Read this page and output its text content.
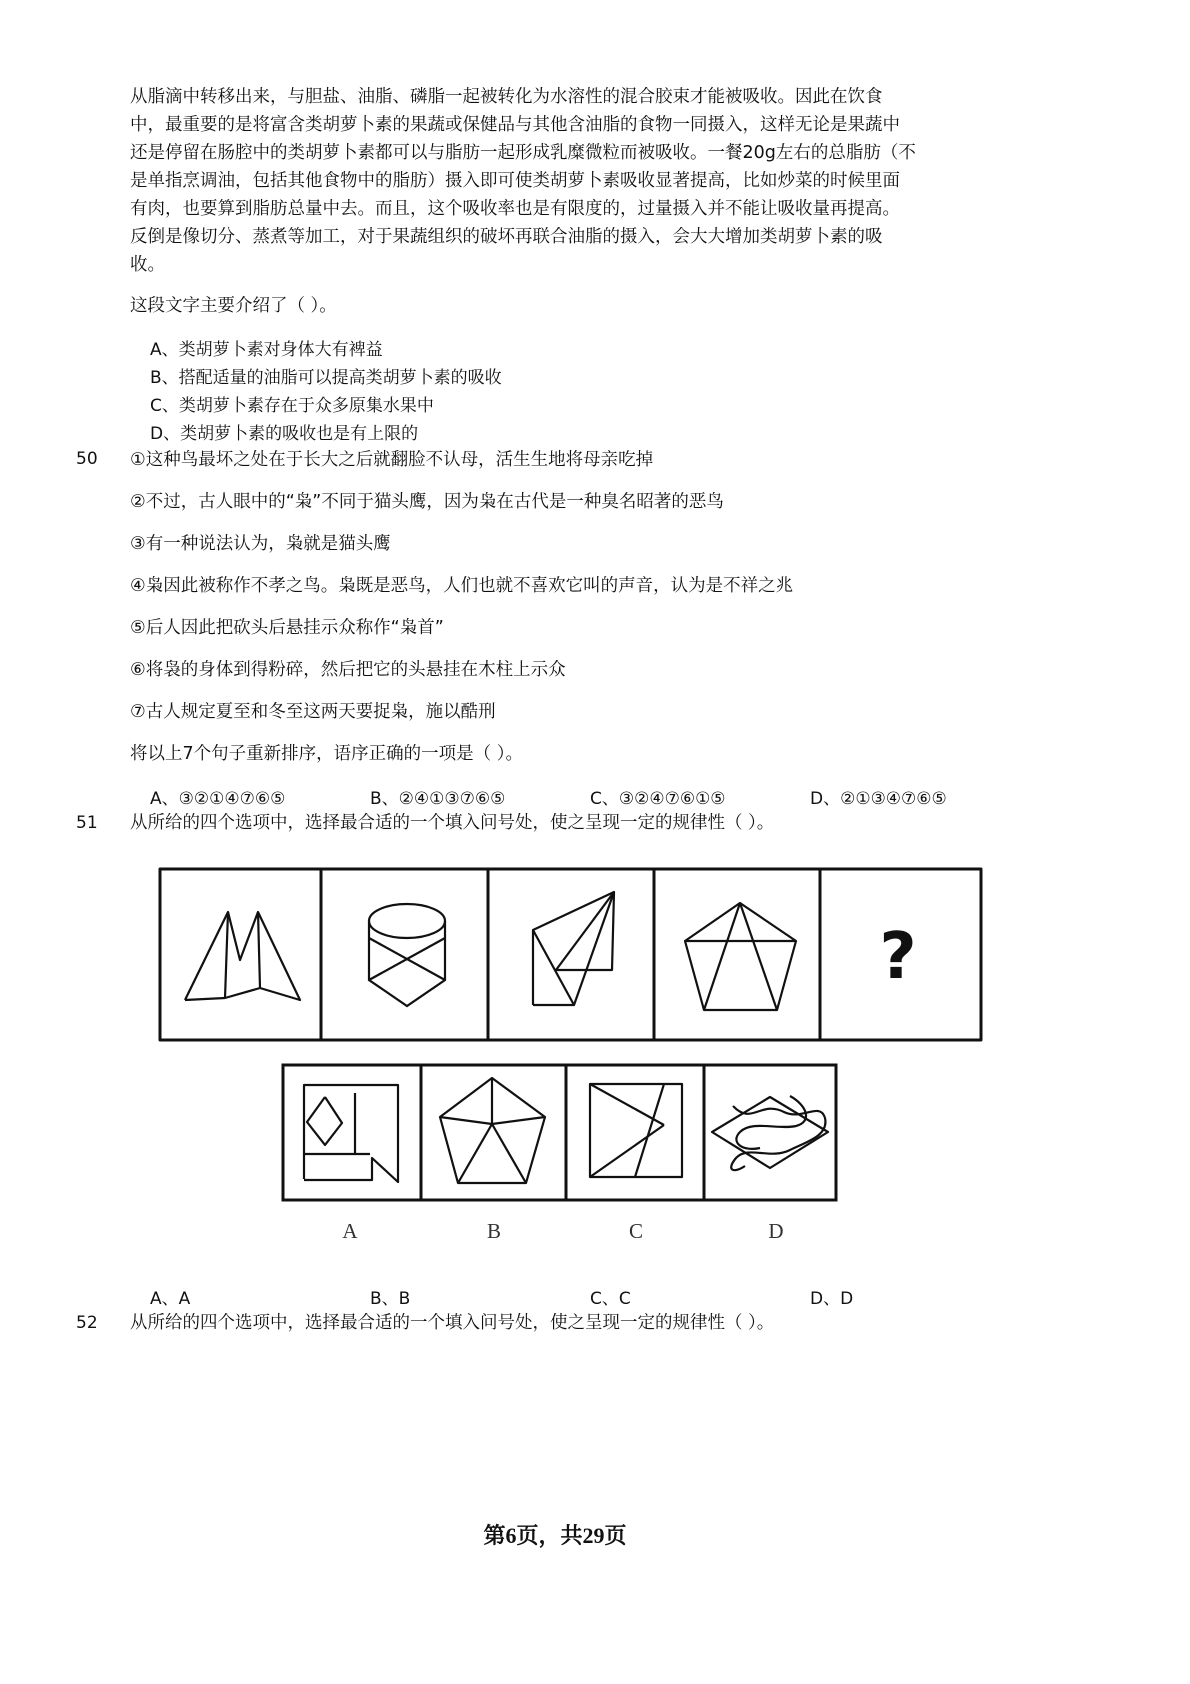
从脂滴中转移出来，与胆盐、油脂、磷脂一起被转化为水溶性的混合胶束才能被吸收。因此在饮食
中，最重要的是将富含类胡萝卜素的果蔬或保健品与其他含油脂的食物一同摄入，这样无论是果蔬中
还是停留在肠腔中的类胡萝卜素都可以与脂肪一起形成乳糜微粒而被吸收。一餐20g左右的总脂肪（不
是单指烹调油，包括其他食物中的脂肪）摄入即可使类胡萝卜素吸收显著提高，比如炒菜的时候里面
有肉，也要算到脂肪总量中去。而且，这个吸收率也是有限度的，过量摄入并不能让吸收量再提高。
反倒是像切分、蒸煮等加工，对于果蔬组织的破坏再联合油脂的摄入，会大大增加类胡萝卜素的吸
收。
这段文字主要介绍了（ ）。
A、类胡萝卜素对身体大有裨益
B、搭配适量的油脂可以提高类胡萝卜素的吸收
C、类胡萝卜素存在于众多原集水果中
D、类胡萝卜素的吸收也是有上限的
50 ①这种鸟最坏之处在于长大之后就翻脸不认母，活生生地将母亲吃掉
②不过，古人眼中的“枭”不同于猫头鹰，因为枭在古代是一种臭名昭著的恶鸟
③有一种说法认为，枭就是猫头鹰
④枭因此被称作不孝之鸟。枭既是恶鸟，人们也就不喜欢它叫的声音，认为是不祥之兆
⑤后人因此把砍头后悬挂示众称作“枭首”
⑥将袅的身体到得粉碎，然后把它的头悬挂在木柱上示众
⑦古人规定夏至和冬至这两天要捉枭，施以酷刑
将以上7个句子重新排序，语序正确的一项是（ ）。
A、③②①④⑦⑥⑤	B、②④①③⑦⑥⑤	C、③②④⑦⑥①⑤	D、②①③④⑦⑥⑤
51 从所给的四个选项中，选择最合适的一个填入问号处，使之呈现一定的规律性（ ）。
?
A	B	C	D
A、A	B、B	C、C	D、D
52 从所给的四个选项中，选择最合适的一个填入问号处，使之呈现一定的规律性（ ）。
第6页，共29页
